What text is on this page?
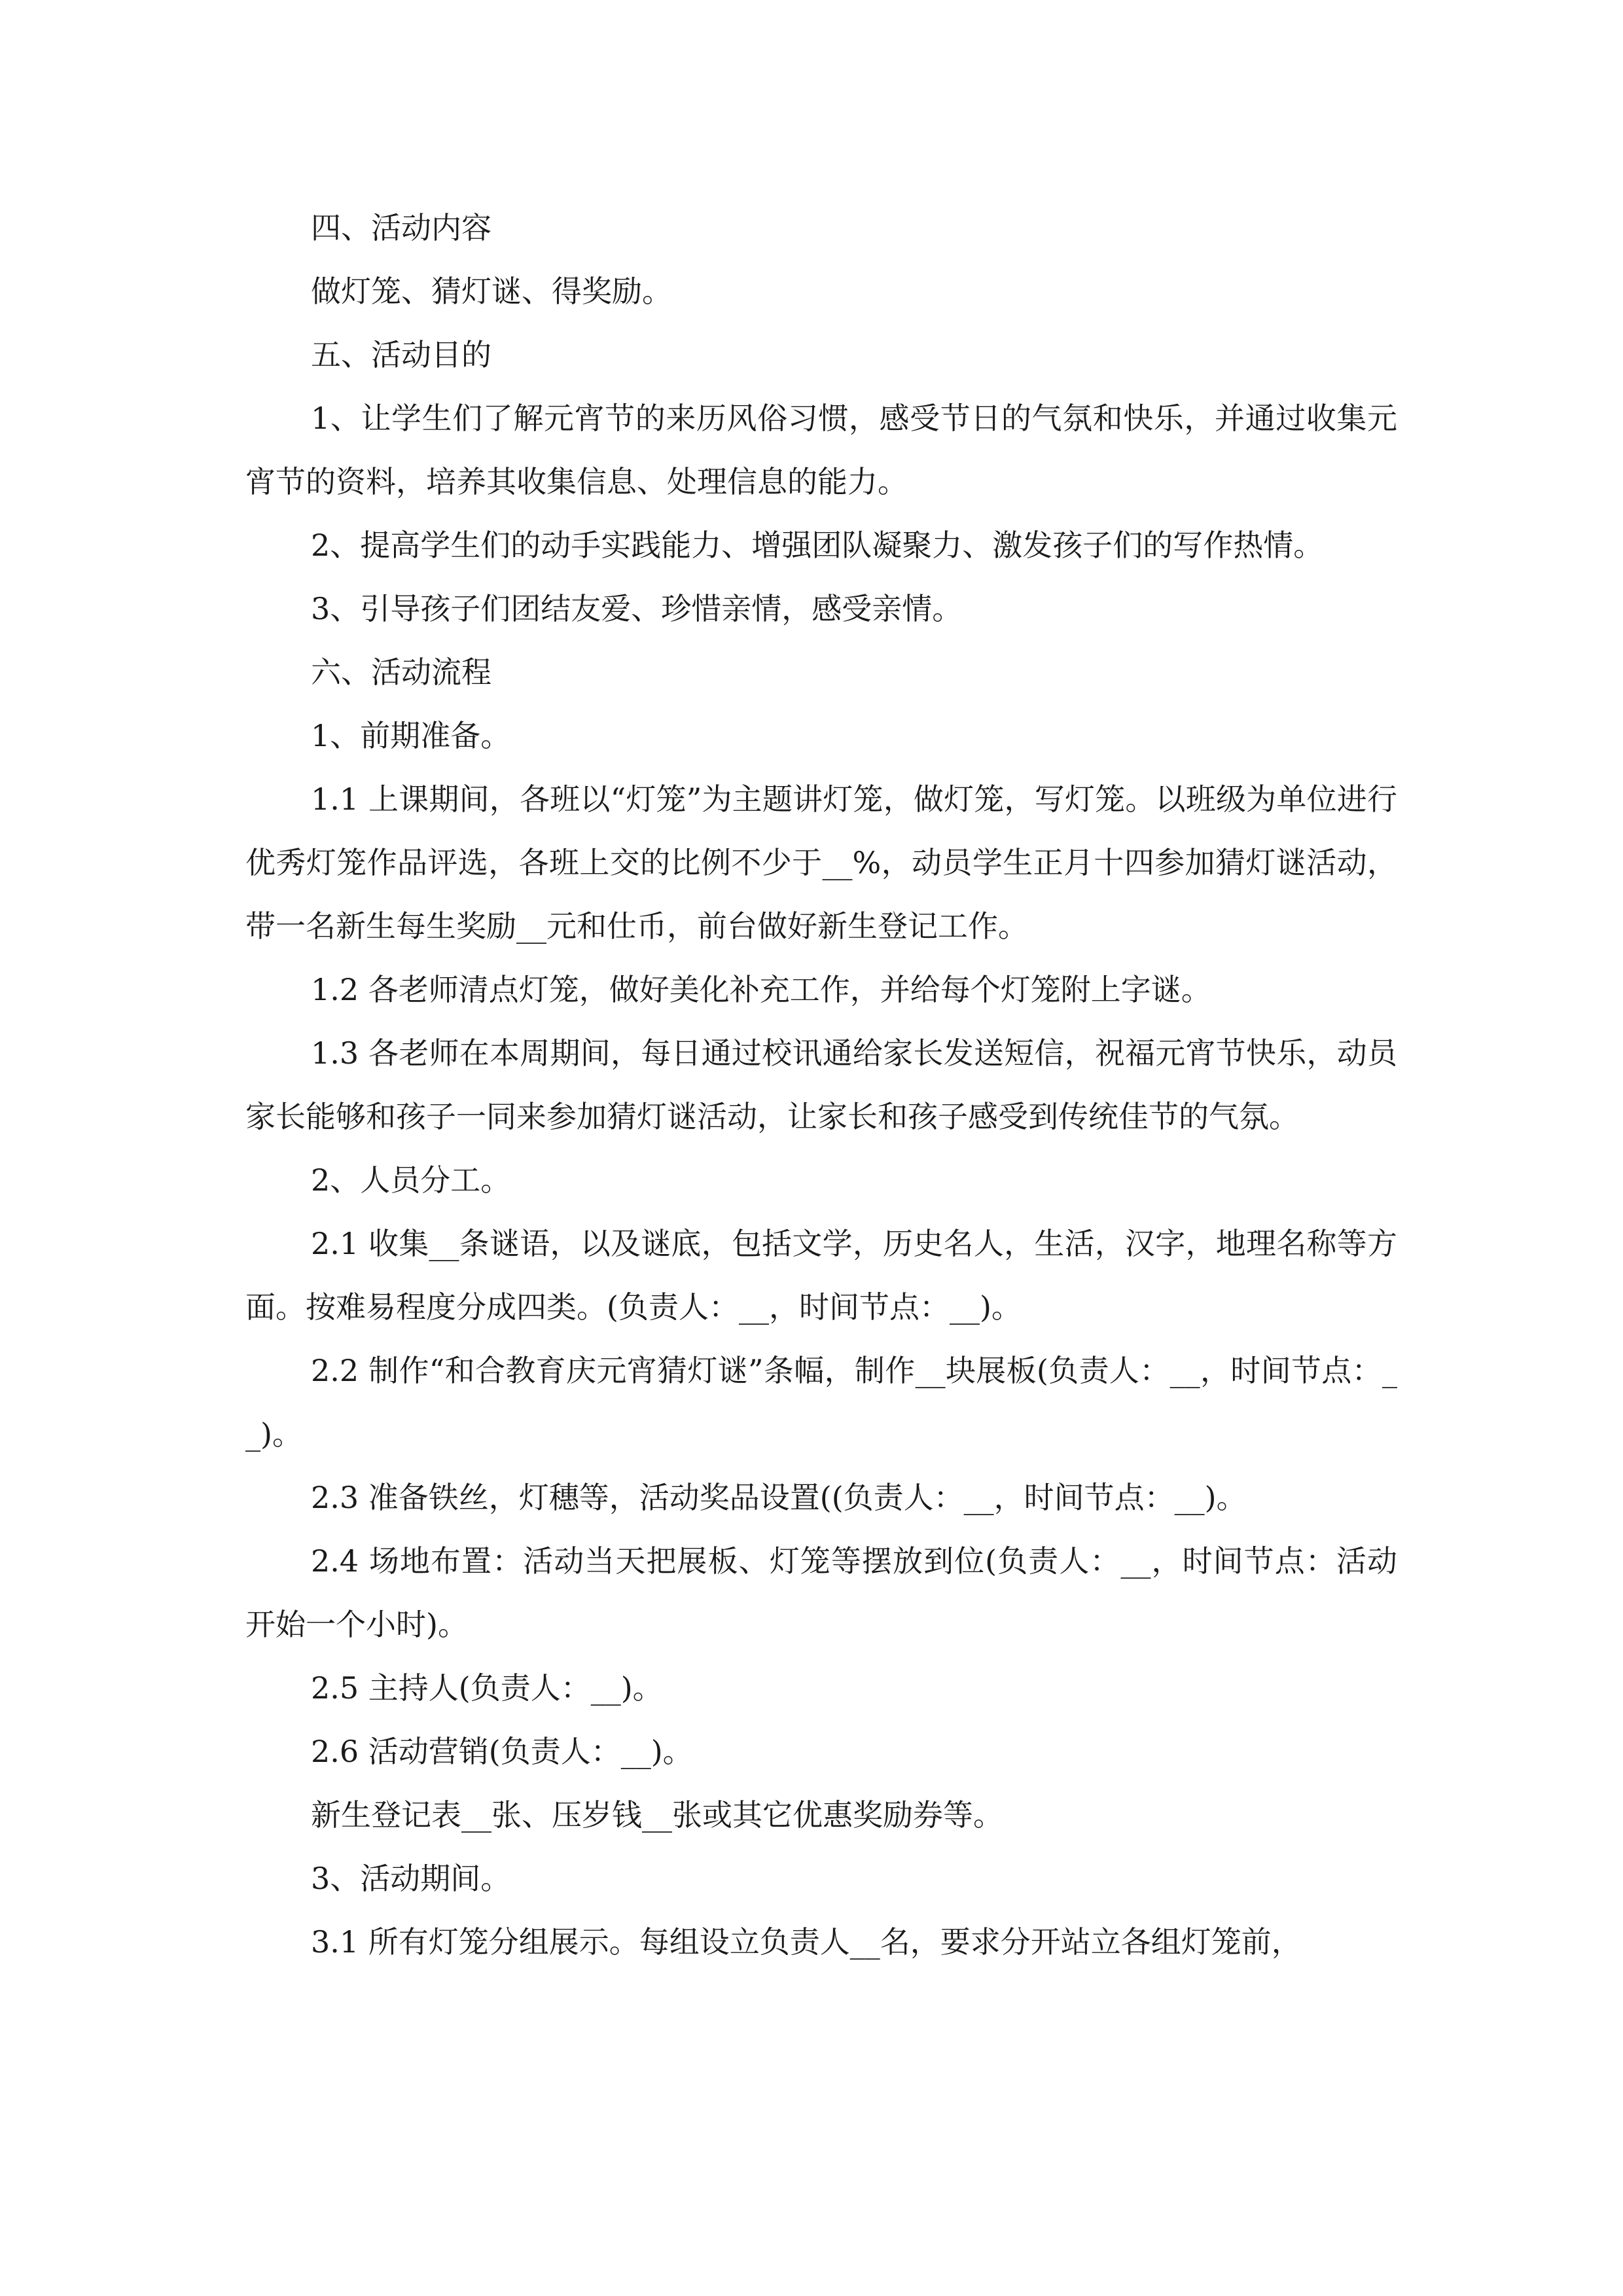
四、活动内容

做灯笼、猜灯谜、得奖励。

五、活动目的

1、让学生们了解元宵节的来历风俗习惯，感受节日的气氛和快乐，并通过收集元宵节的资料，培养其收集信息、处理信息的能力。

2、提高学生们的动手实践能力、增强团队凝聚力、激发孩子们的写作热情。

3、引导孩子们团结友爱、珍惜亲情，感受亲情。

六、活动流程

1、前期准备。

1.1 上课期间，各班以“灯笼”为主题讲灯笼，做灯笼，写灯笼。以班级为单位进行优秀灯笼作品评选，各班上交的比例不少于__%，动员学生正月十四参加猜灯谜活动，带一名新生每生奖励__元和仕币，前台做好新生登记工作。

1.2 各老师清点灯笼，做好美化补充工作，并给每个灯笼附上字谜。

1.3 各老师在本周期间，每日通过校讯通给家长发送短信，祝福元宵节快乐，动员家长能够和孩子一同来参加猜灯谜活动，让家长和孩子感受到传统佳节的气氛。

2、人员分工。

2.1 收集__条谜语，以及谜底，包括文学，历史名人，生活，汉字，地理名称等方面。按难易程度分成四类。(负责人：__，时间节点：__)。

2.2 制作“和合教育庆元宵猜灯谜”条幅，制作__块展板(负责人：__，时间节点：__)。

2.3 准备铁丝，灯穗等，活动奖品设置((负责人：__，时间节点：__)。

2.4 场地布置：活动当天把展板、灯笼等摆放到位(负责人：__，时间节点：活动开始一个小时)。

2.5 主持人(负责人：__)。

2.6 活动营销(负责人：__)。

新生登记表__张、压岁钱__张或其它优惠奖励券等。

3、活动期间。

3.1 所有灯笼分组展示。每组设立负责人__名，要求分开站立各组灯笼前，
